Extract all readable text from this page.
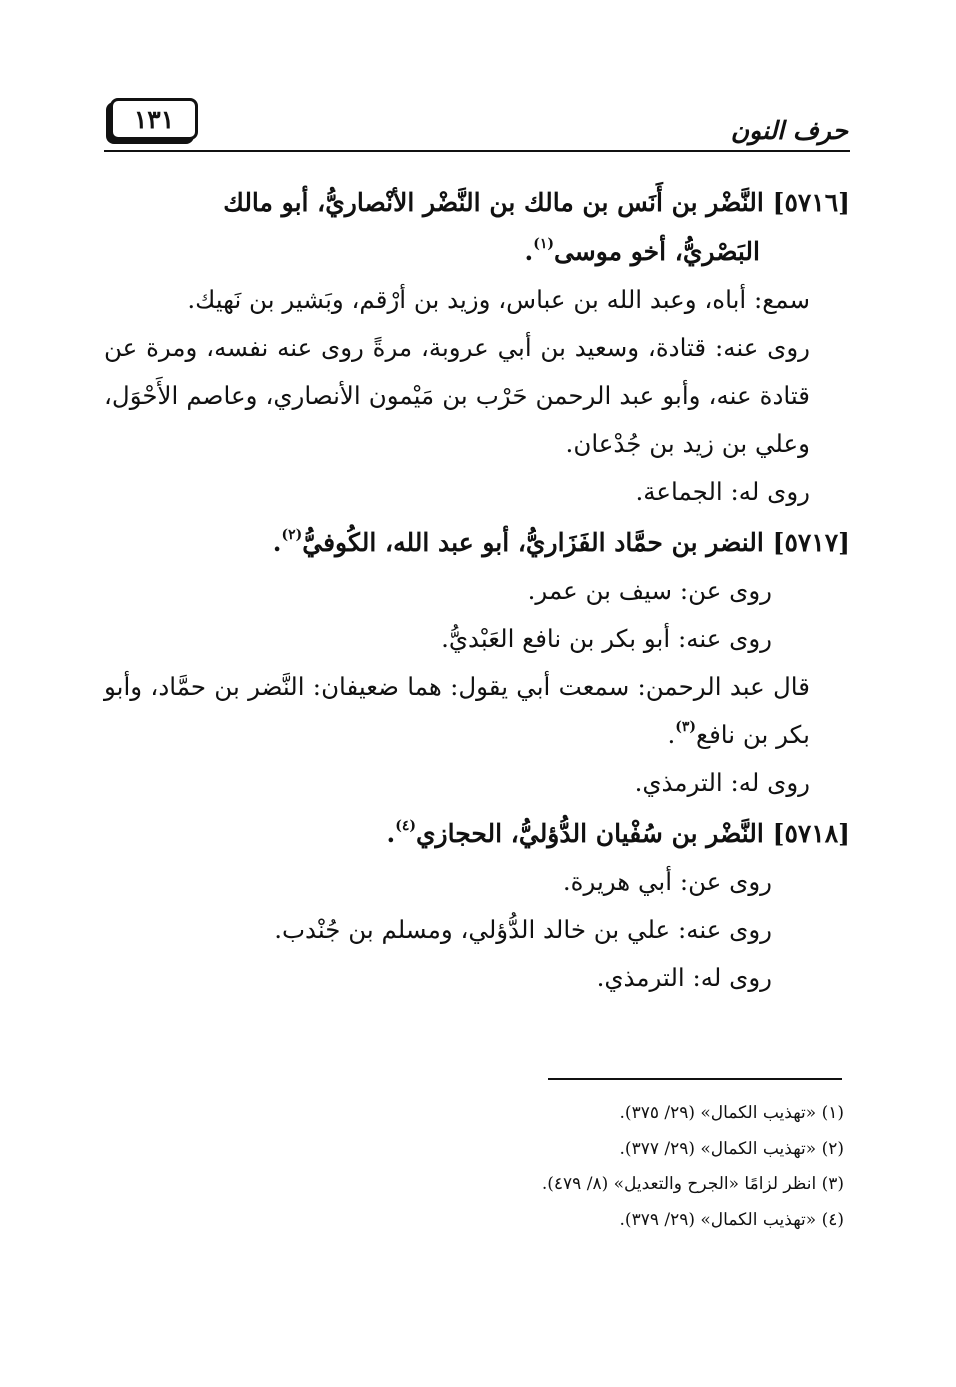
حرف النون
١٣١

[٥٧١٦] النَّضْر بن أَنَس بن مالك بن النَّضْر الأنْصاريُّ، أبو مالك
البَصْريُّ، أخو موسى$^{(١)}$.

سمع: أباه، وعبد الله بن عباس، وزيد بن أرْقم، وبَشير بن نَهيك.

روى عنه: قتادة، وسعيد بن أبي عروبة، مرةً روى عنه نفسه، ومرة عن قتادة عنه، وأبو عبد الرحمن حَرْب بن مَيْمون الأنصاري، وعاصم الأَحْوَل، وعلي بن زيد بن جُدْعان.

روى له: الجماعة.

[٥٧١٧] النضر بن حمَّاد الفَزَاريُّ، أبو عبد الله، الكُوفيُّ$^{(٢)}$.

روى عن: سيف بن عمر.

روى عنه: أبو بكر بن نافع العَبْديُّ.

قال عبد الرحمن: سمعت أبي يقول: هما ضعيفان: النَّضر بن حمَّاد، وأبو بكر بن نافع$^{(٣)}$.

روى له: الترمذي.

[٥٧١٨] النَّضْر بن سُفْيان الدُّؤليُّ، الحجازي$^{(٤)}$.

روى عن: أبي هريرة.

روى عنه: علي بن خالد الدُّؤلي، ومسلم بن جُنْدب.

روى له: الترمذي.

(١) «تهذيب الكمال» (٢٩/ ٣٧٥).
(٢) «تهذيب الكمال» (٢٩/ ٣٧٧).
(٣) انظر لزامًا «الجرح والتعديل» (٨/ ٤٧٩).
(٤) «تهذيب الكمال» (٢٩/ ٣٧٩).
